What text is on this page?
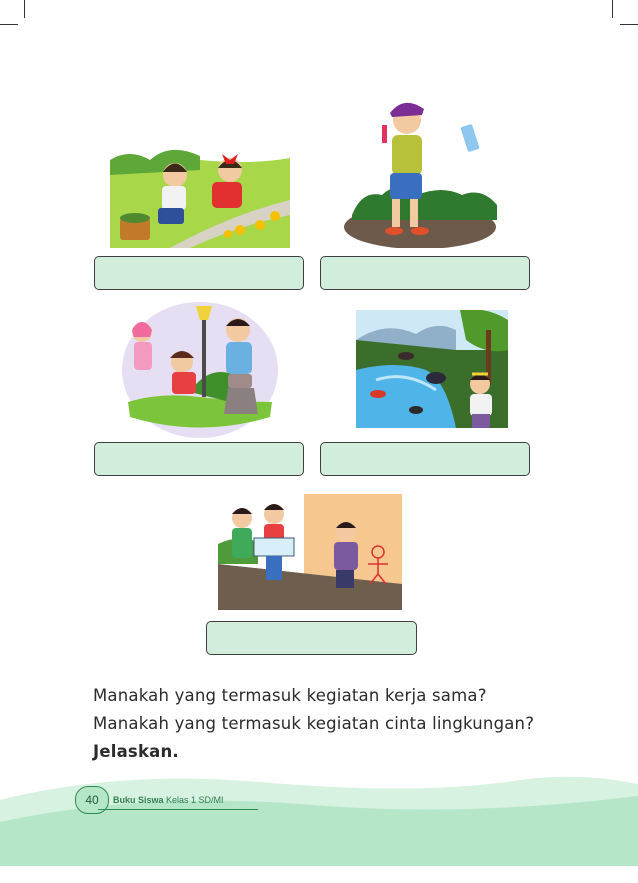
Manakah yang termasuk kegiatan kerja sama?
Manakah yang termasuk kegiatan cinta lingkungan?
Jelaskan.
40	Buku Siswa Kelas 1 SD/MI
